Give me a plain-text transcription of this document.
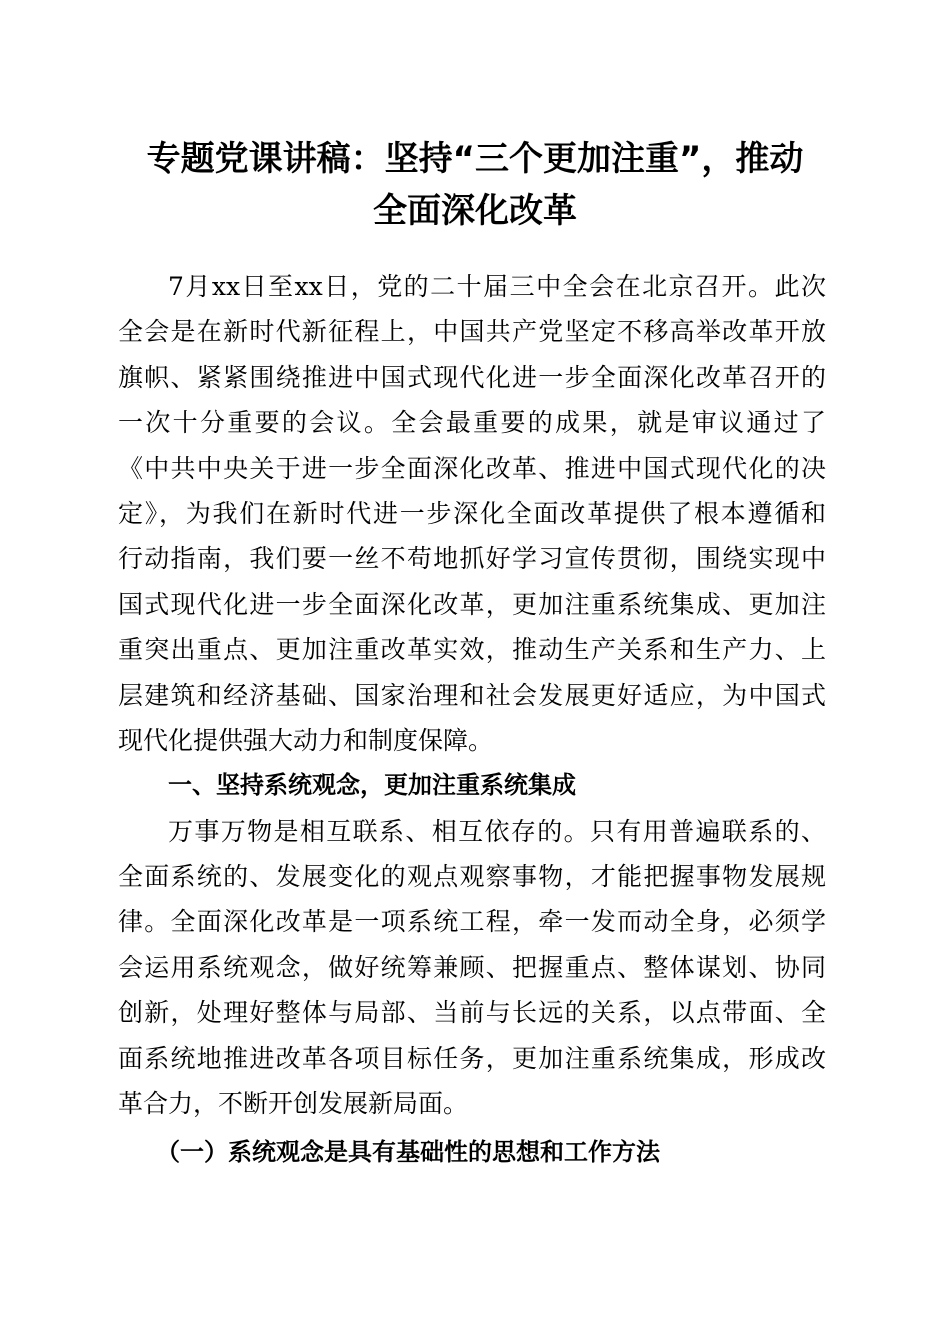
专题党课讲稿：坚持“三个更加注重”，推动
全面深化改革
7月xx日至xx日，党的二十届三中全会在北京召开。此次
全会是在新时代新征程上，中国共产党坚定不移高举改革开放
旗帜、紧紧围绕推进中国式现代化进一步全面深化改革召开的
一次十分重要的会议。全会最重要的成果，就是审议通过了
《中共中央关于进一步全面深化改革、推进中国式现代化的决
定》，为我们在新时代进一步深化全面改革提供了根本遵循和
行动指南，我们要一丝不苟地抓好学习宣传贯彻，围绕实现中
国式现代化进一步全面深化改革，更加注重系统集成、更加注
重突出重点、更加注重改革实效，推动生产关系和生产力、上
层建筑和经济基础、国家治理和社会发展更好适应，为中国式
现代化提供强大动力和制度保障。
一、坚持系统观念，更加注重系统集成
万事万物是相互联系、相互依存的。只有用普遍联系的、
全面系统的、发展变化的观点观察事物，才能把握事物发展规
律。全面深化改革是一项系统工程，牵一发而动全身，必须学
会运用系统观念，做好统筹兼顾、把握重点、整体谋划、协同
创新，处理好整体与局部、当前与长远的关系，以点带面、全
面系统地推进改革各项目标任务，更加注重系统集成，形成改
革合力，不断开创发展新局面。
（一）系统观念是具有基础性的思想和工作方法
